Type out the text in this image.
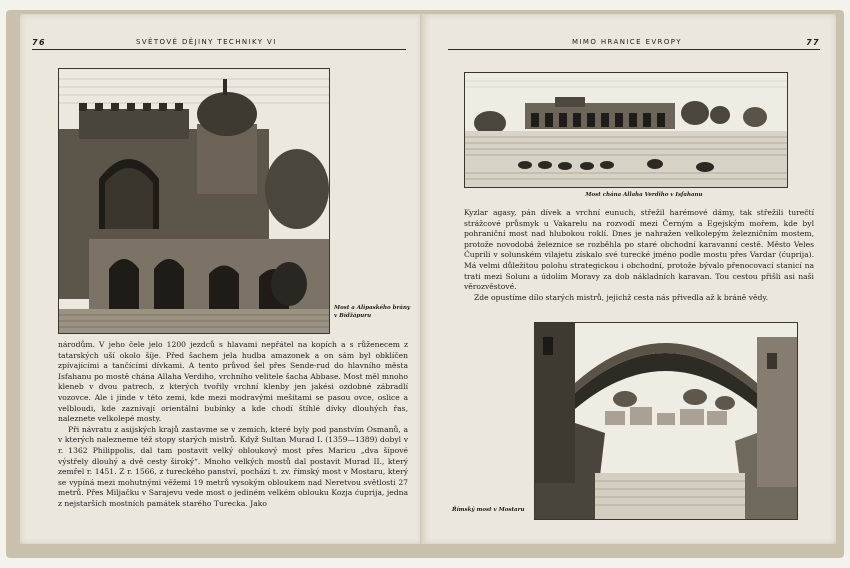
76	SVĚTOVÉ DĚJINY TECHNIKY VI
Most a Alipaského brány
v Bídžápuru

národům. V jeho čele jelo 1200 jezdců s hlavami nepřátel na kopích a s růženecem z tatarských uší okolo šíje. Před šachem jela hudba amazonek a on sám byl obklíčen zpívajícími a tančícími dívkami. A tento průvod šel přes Sende-rud do hlavního města Isfahanu po mostě chána Allaha Verdiho, vrchního velitele šacha Abbase. Most měl mnoho kleneb v dvou patrech, z kterých tvořily vrchní klenby jen jakési ozdobné zábradlí vozovce. Ale i jinde v této zemi, kde mezi modravými mešitami se pasou ovce, oslice a velbloudi, kde zaznívají orientální bubínky a kde chodí štíhlé dívky dlouhých řas, naleznete velkolepé mosty.

Při návratu z asijských krajů zastavme se v zemích, které byly pod panstvím Osmanů, a v kterých nalezneme též stopy starých mistrů. Když Sultan Murad I. (1359—1389) dobyl v r. 1362 Philippolis, dal tam postavit velký obloukový most přes Maricu „dva šípové výstřely dlouhý a dvě cesty široký“. Mnoho velkých mostů dal postavit Murad II., který zemřel r. 1451. Z r. 1566, z tureckého panství, pochází t. zv. římský most v Mostaru, který se vypíná mezi mohutnými věžemi 19 metrů vysokým obloukem nad Neretvou světlosti 27 metrů. Přes Miljačku v Sarajevu vede most o jediném velkém oblouku Kozja ćuprija, jedna z nejstarších mostních památek starého Turecka. Jako

MIMO HRANICE EVROPY	77
Most chána Allaha Verdiho v Isfahanu

Kyzlar agasy, pán dívek a vrchní eunuch, střežil harémové dámy, tak střežili turečtí strážcové průsmyk u Vakarelu na rozvodí mezi Černým a Egejským mořem, kde byl pohraniční most nad hlubokou roklí. Dnes je nahražen velkolepým železničním mostem, protože novodobá železnice se rozběhla po staré obchodní karavanní cestě. Město Veles Ćuprili v solunském vilajetu získalo své turecké jméno podle mostu přes Vardar (ćuprija). Má velmi důležitou polohu strategickou i obchodní, protože bývalo přenocovací stanicí na trati mezi Solunı a údolím Moravy za dob nákladních karavan. Tou cestou přišli asi naši věrozvěstové.

Zde opustíme dílo starých mistrů, jejichž cesta nás přivedla až k bráně vědy.

Římský most v Mostaru
